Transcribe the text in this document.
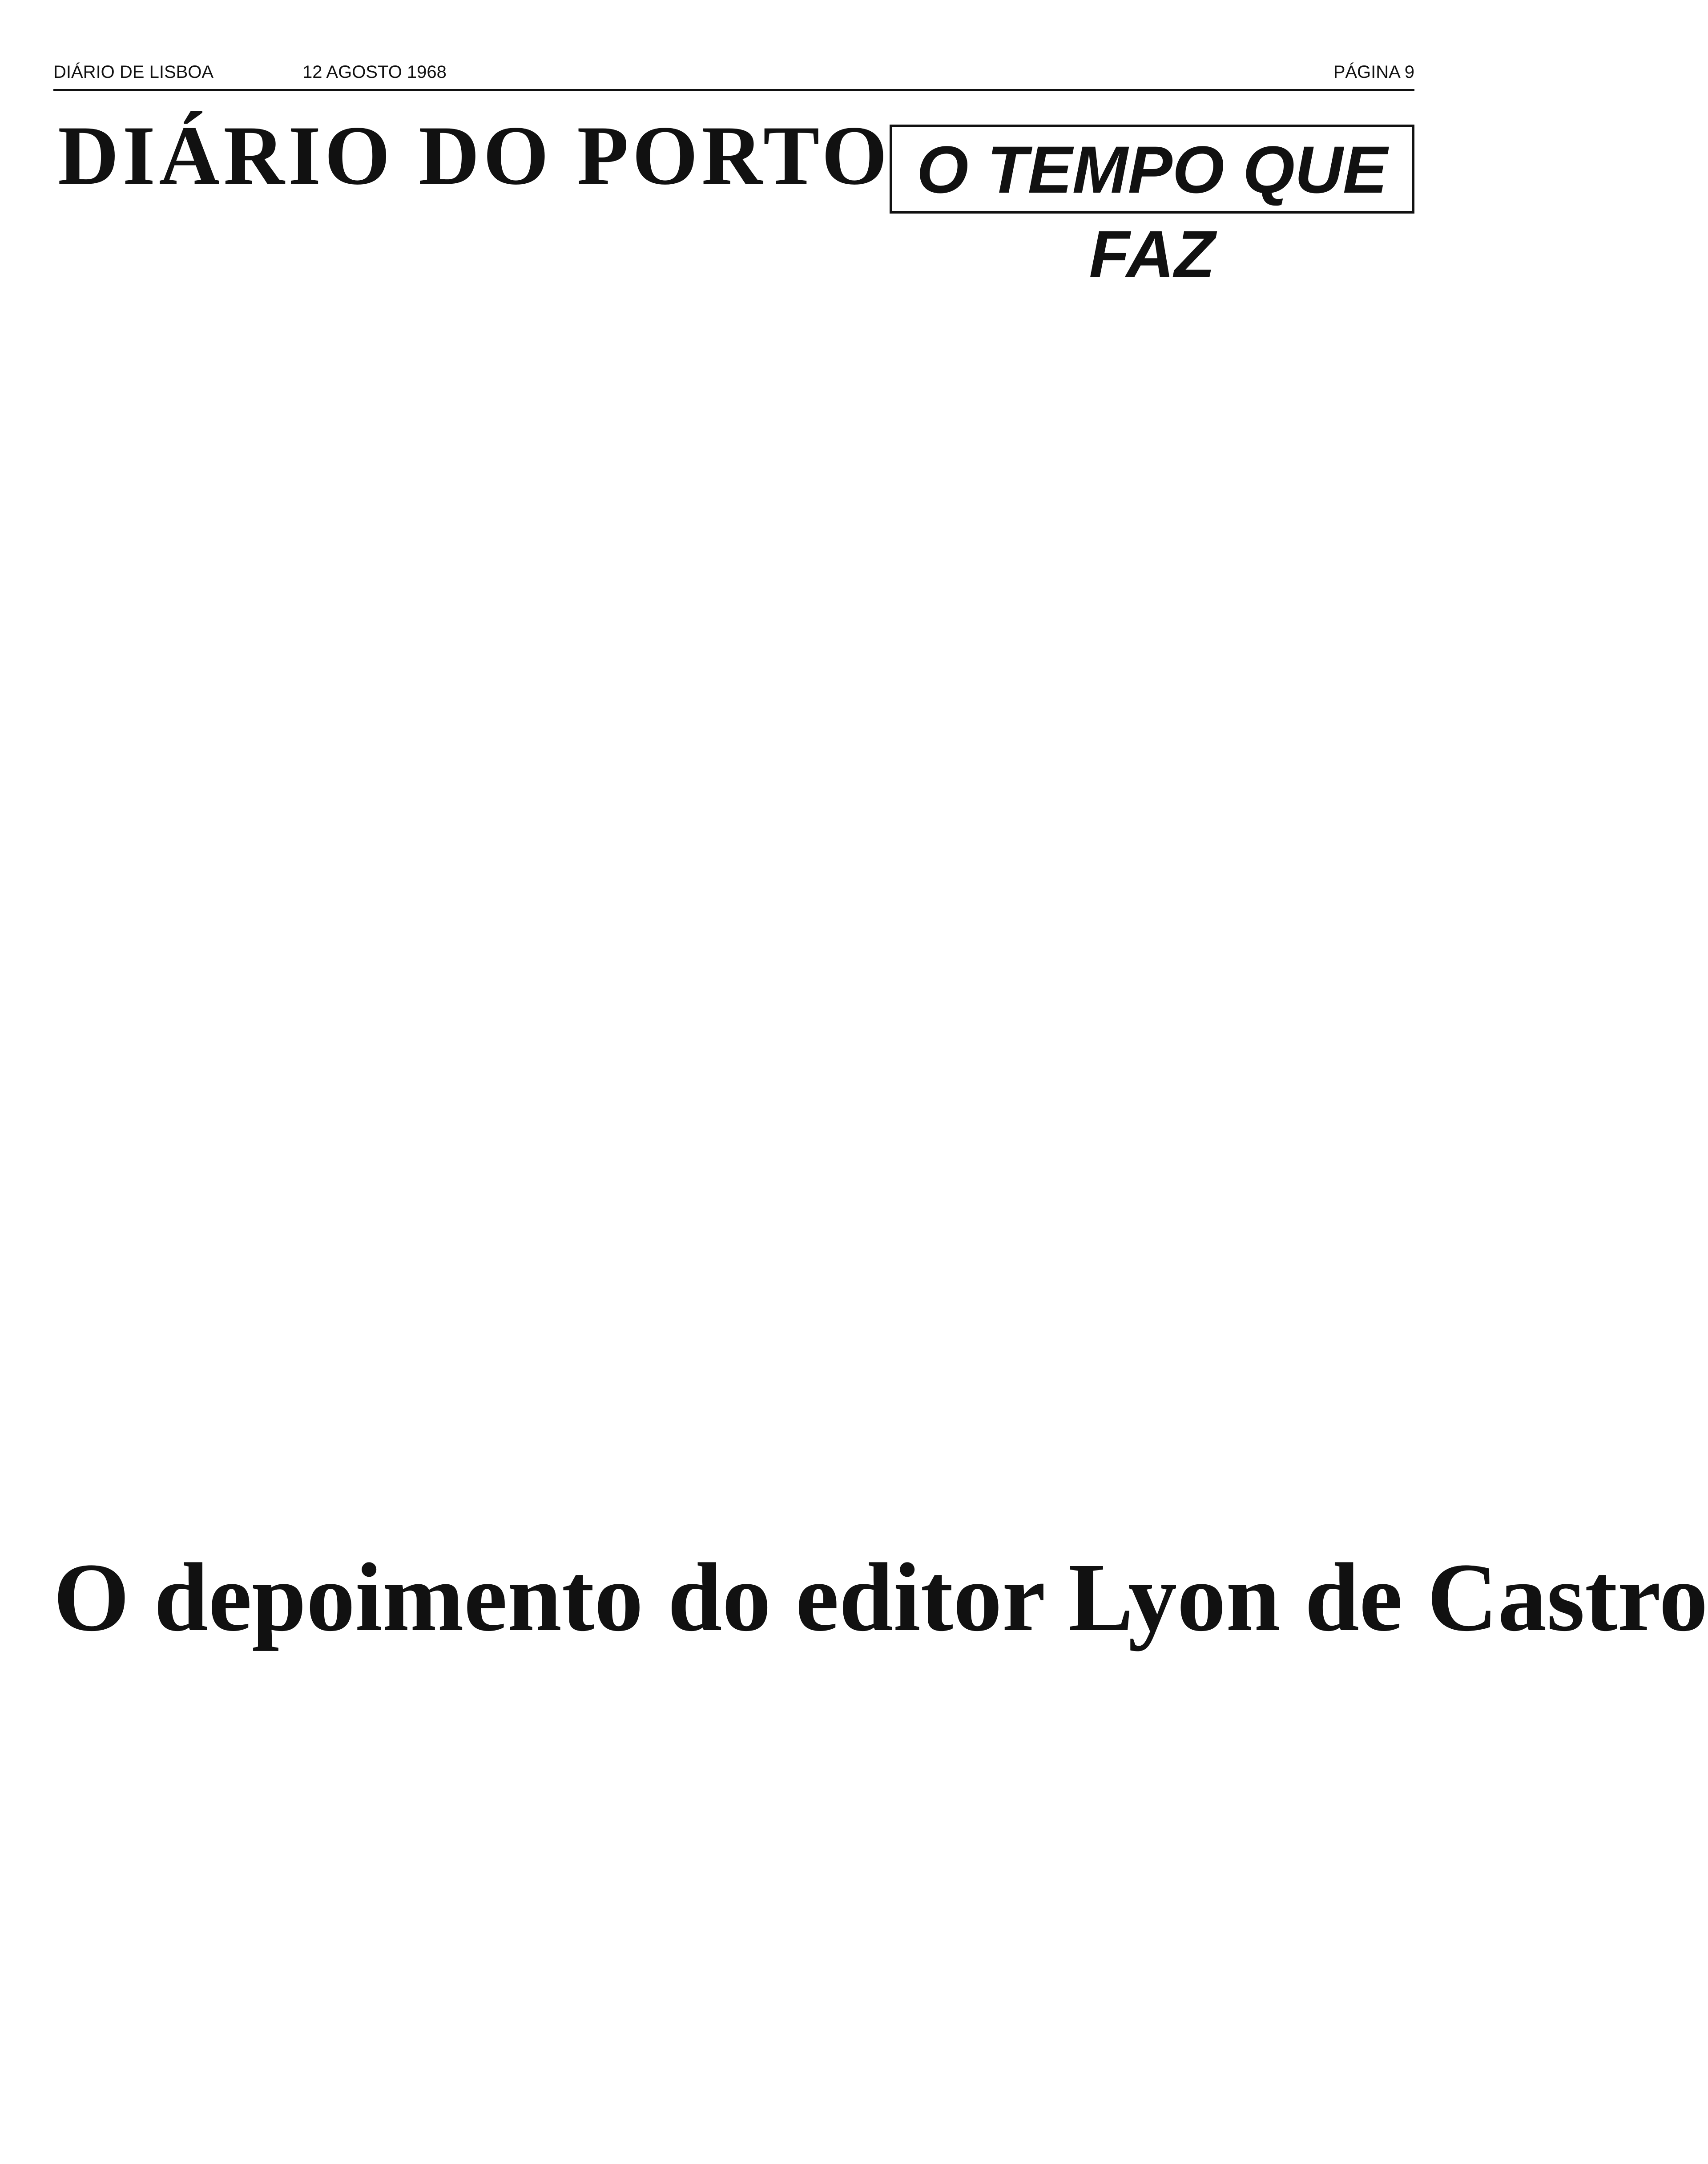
DIÁRIO DE LISBOA	12 AGOSTO 1968	PÁGINA 9
DIÁRIO DO PORTO O TEMPO QUE FAZ
O depoimento do editor Lyon de Castro
